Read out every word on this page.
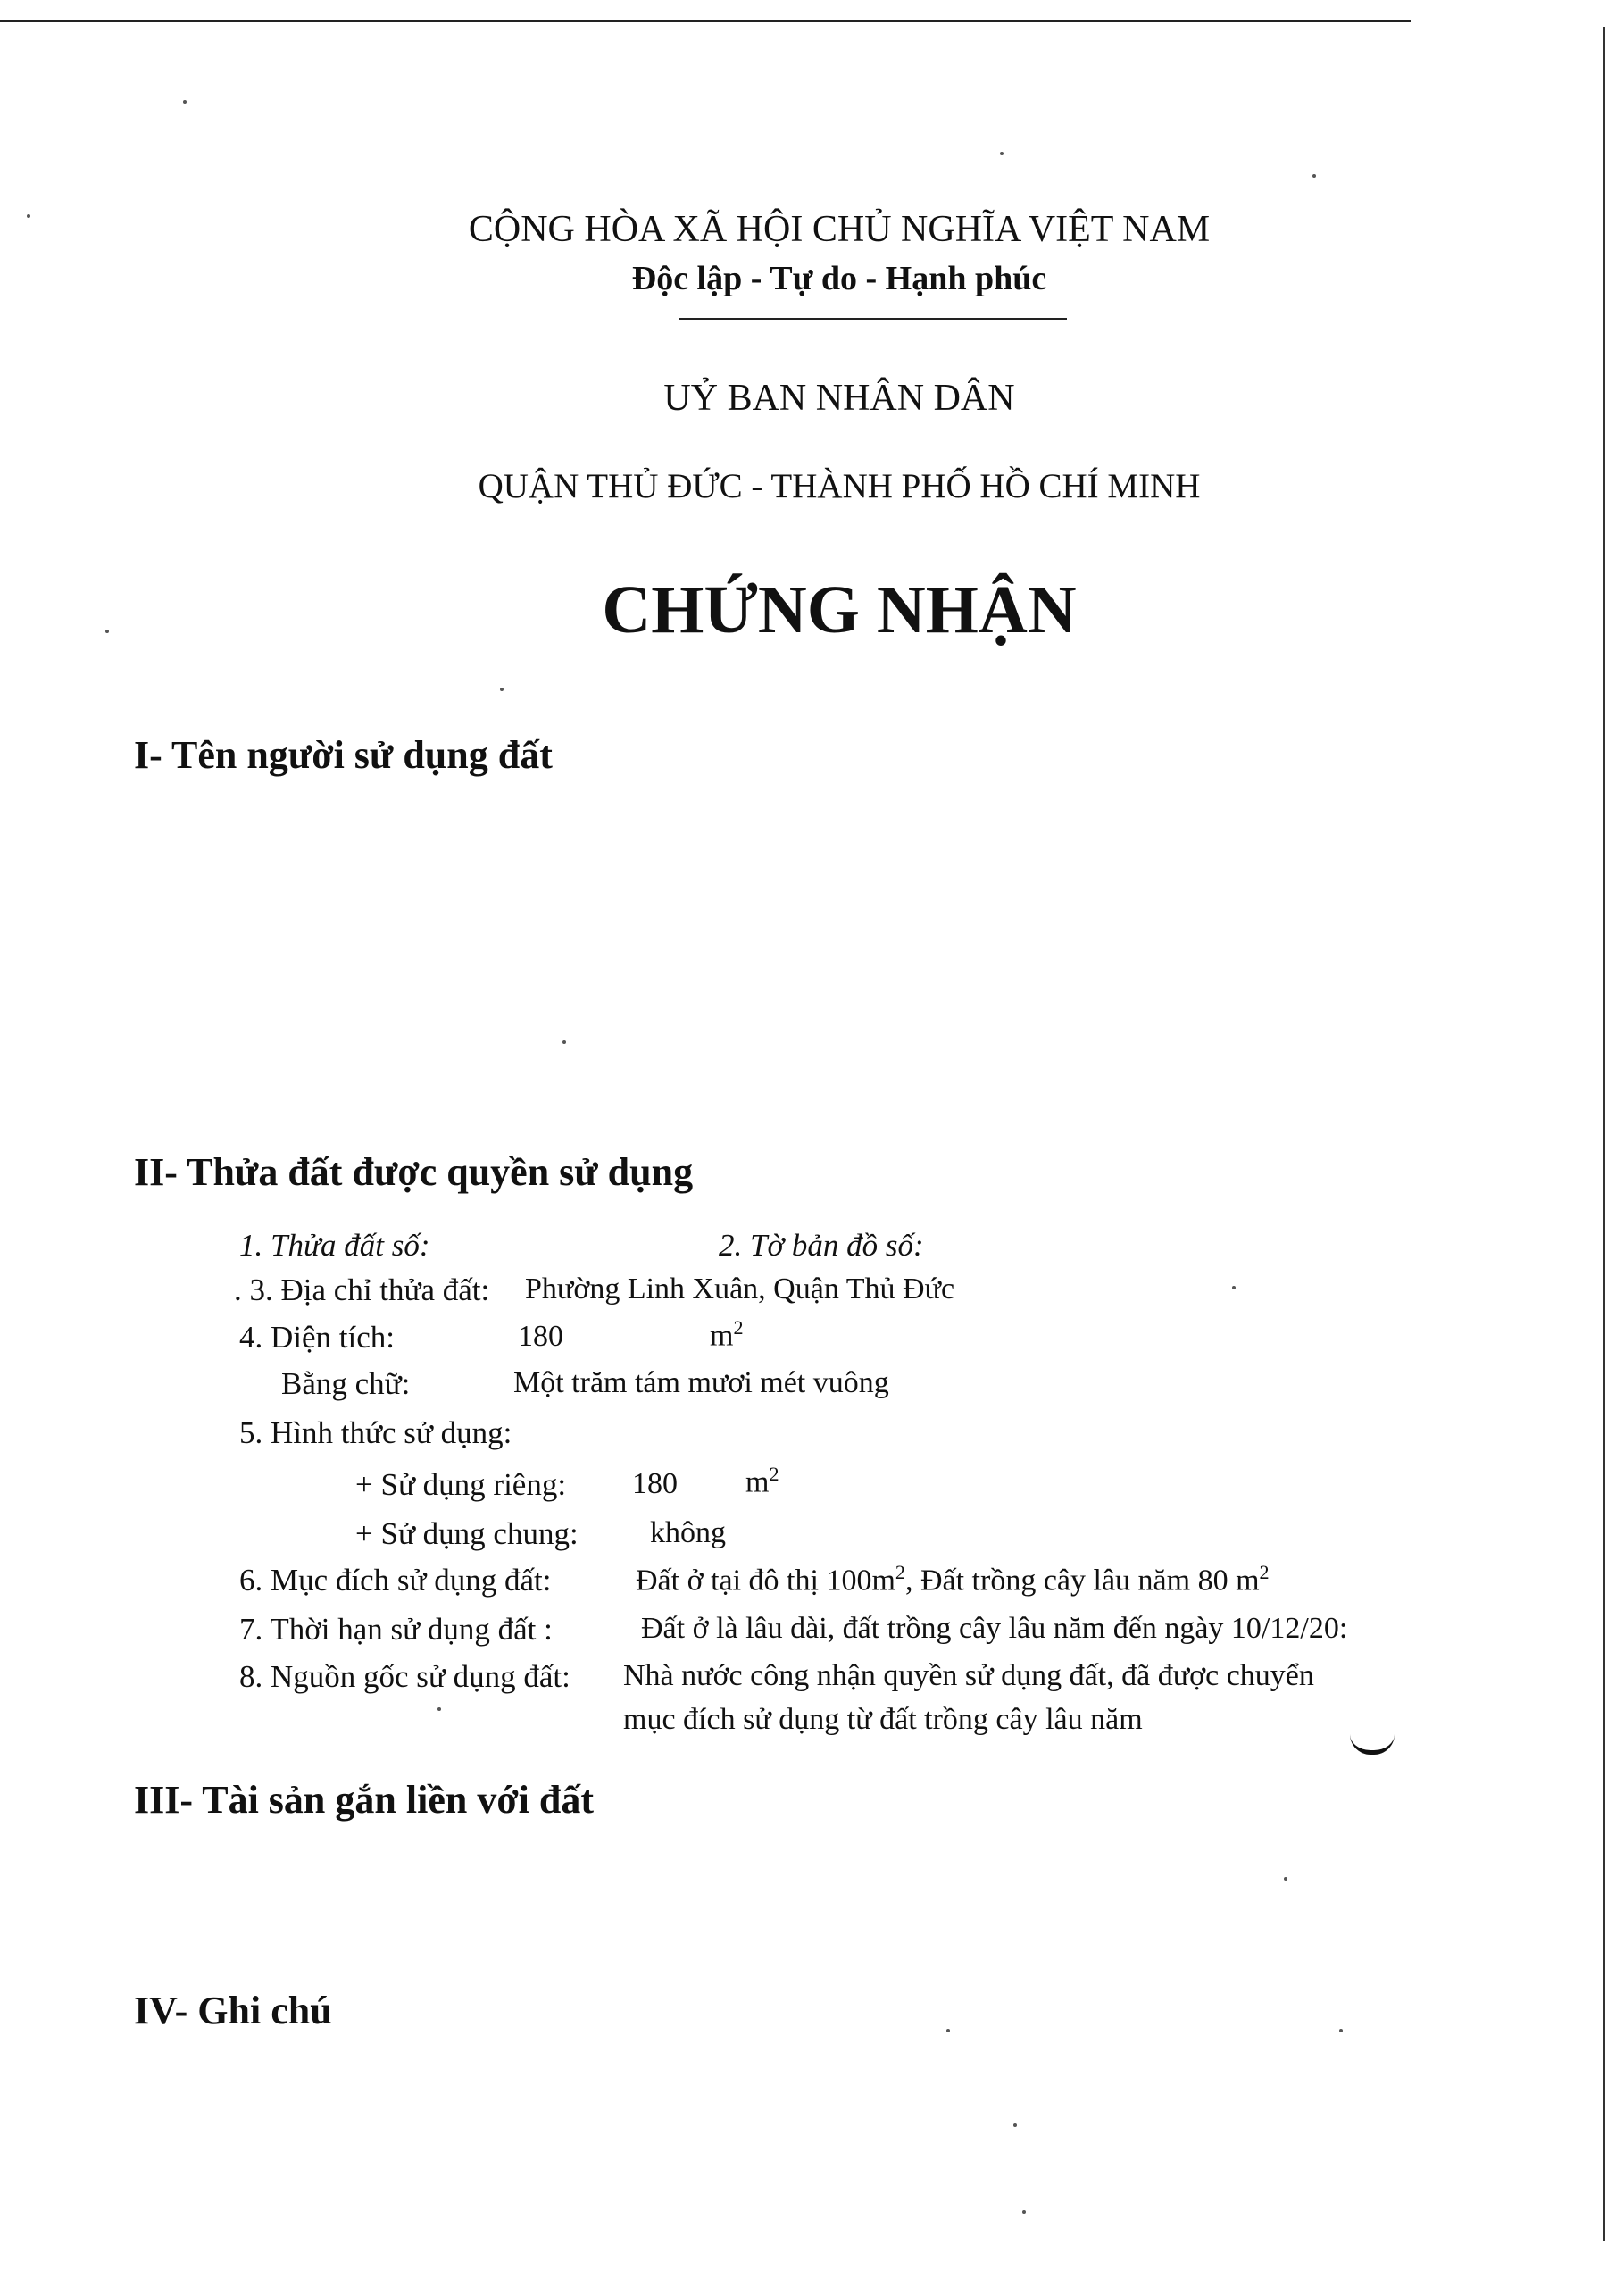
CỘNG HÒA XÃ HỘI CHỦ NGHĨA VIỆT NAM
Độc lập - Tự do - Hạnh phúc
UỶ BAN NHÂN DÂN
QUẬN THỦ ĐỨC - THÀNH PHỐ HỒ CHÍ MINH
CHỨNG NHẬN
I- Tên người sử dụng đất
II- Thửa đất được quyền sử dụng
1. Thửa đất số:	2. Tờ bản đồ số:
. 3. Địa chỉ thửa đất: Phường Linh Xuân, Quận Thủ Đức
4. Diện tích:	180	$m^2$
Bằng chữ:	Một trăm tám mươi mét vuông
5. Hình thức sử dụng:
+ Sử dụng riêng: 180 $m^2$
+ Sử dụng chung: không
6. Mục đích sử dụng đất:	Đất ở tại đô thị $100m^2$, Đất trồng cây lâu năm 80 $m^2$
7. Thời hạn sử dụng đất :	Đất ở là lâu dài, đất trồng cây lâu năm đến ngày 10/12/20:
8. Nguồn gốc sử dụng đất: Nhà nước công nhận quyền sử dụng đất, đã được chuyển
mục đích sử dụng từ đất trồng cây lâu năm
III- Tài sản gắn liền với đất
IV- Ghi chú
